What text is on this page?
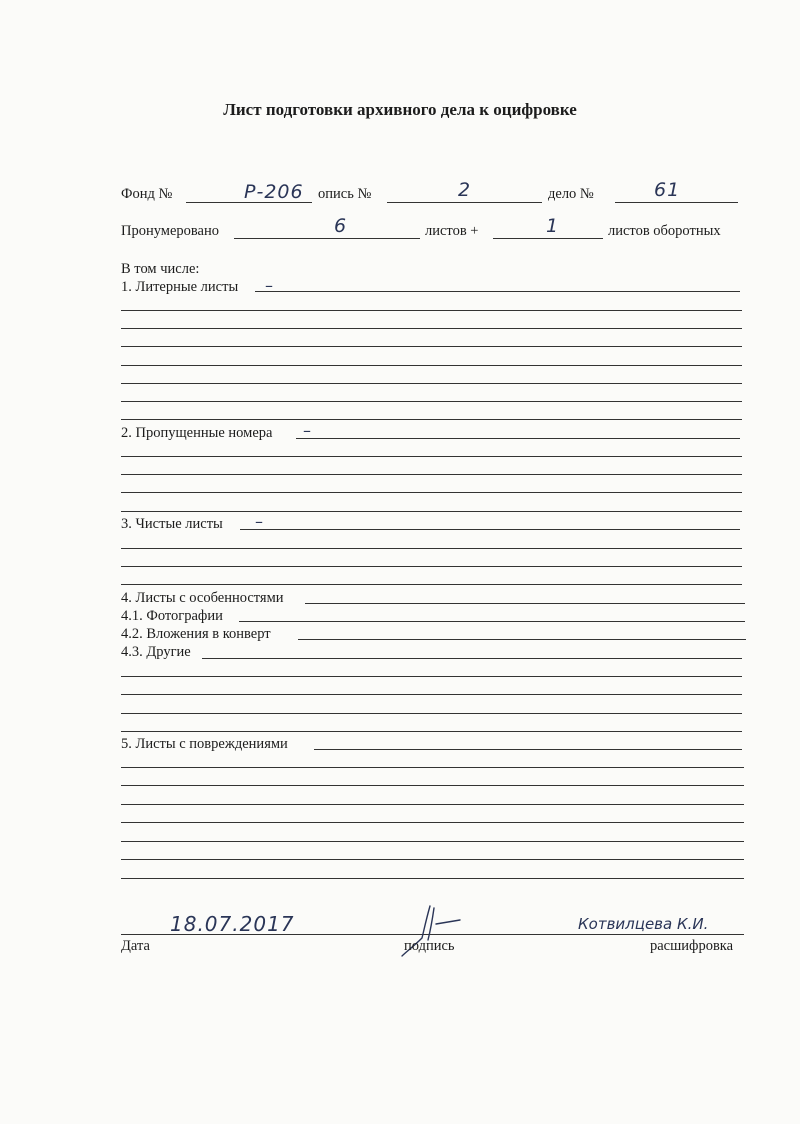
Лист подготовки архивного дела к оцифровке
Фонд №	Р-206 опись №	2	дело №	61
Пронумеровано	6	листов +	1	листов оборотных
В том числе:
1. Литерные листы –
2. Пропущенные номера –
3. Чистые листы –
4. Листы с особенностями
4.1. Фотографии
4.2. Вложения в конверт
4.3. Другие
5. Листы с повреждениями
18.07.2017	Котвилцева К.И.
Дата	подпись	расшифровка
